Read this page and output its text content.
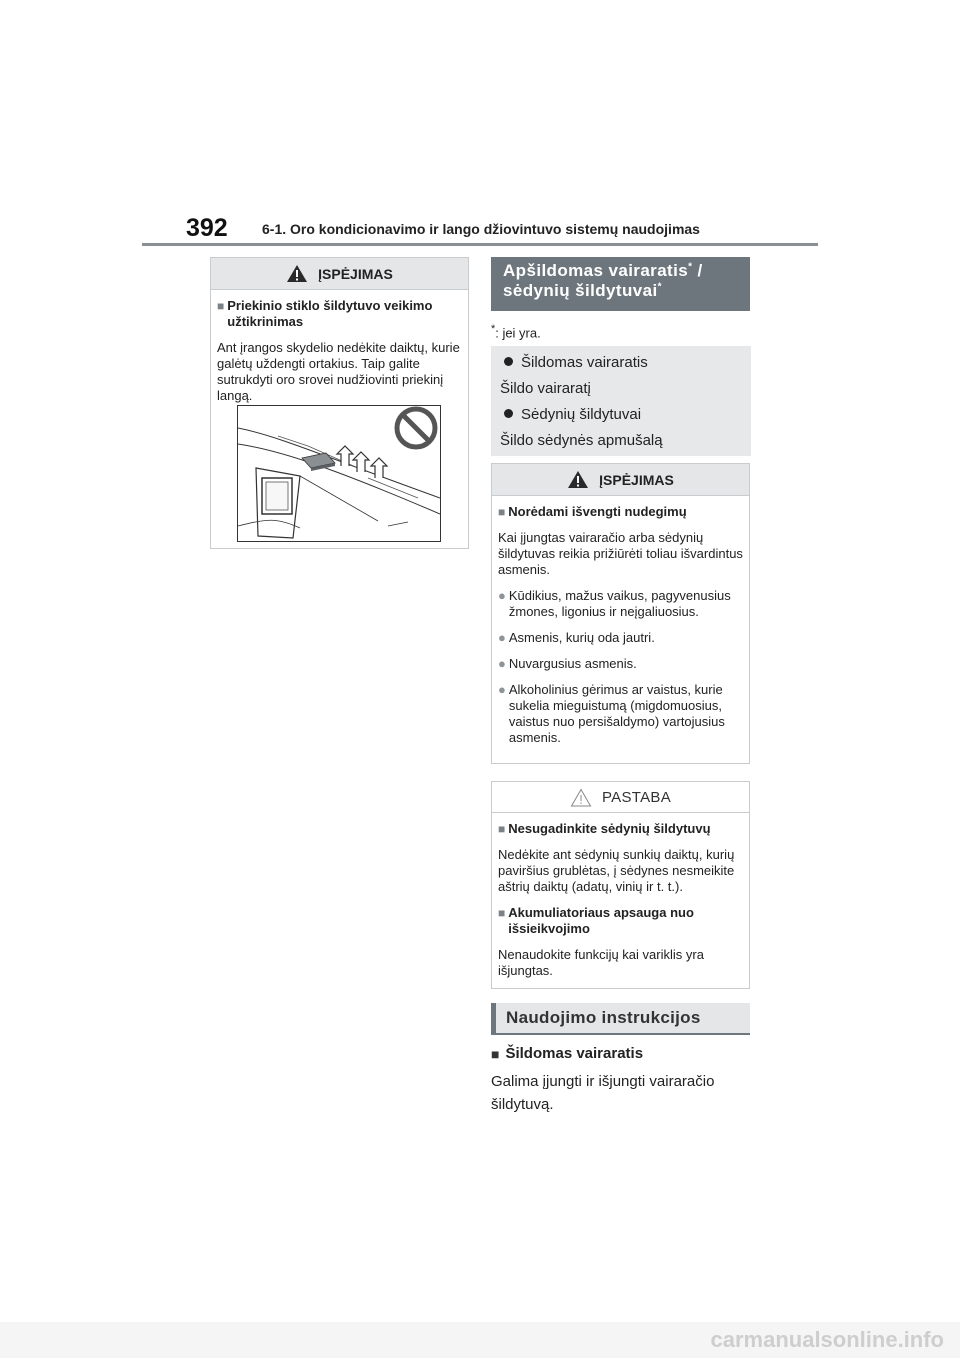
392 6-1. Oro kondicionavimo ir lango džiovintuvo sistemų naudojimas
ĮSPĖJIMAS
■ Priekinio stiklo šildytuvo veikimo užtikrinimas
Ant įrangos skydelio nedėkite daiktų, kurie galėtų uždengti ortakius. Taip galite sutrukdyti oro srovei nudžiovinti priekinį langą.
Apšildomas vairaratis* /
sėdynių šildytuvai*
*: jei yra.
Šildomas vairaratis
Šildo vairaratį
Sėdynių šildytuvai
Šildo sėdynės apmušalą
ĮSPĖJIMAS
■ Norėdami išvengti nudegimų
Kai įjungtas vairaračio arba sėdynių šildytuvas reikia prižiūrėti toliau išvardintus asmenis.
● Kūdikius, mažus vaikus, pagyvenusius žmones, ligonius ir neįgaliuosius.
● Asmenis, kurių oda jautri.
● Nuvargusius asmenis.
● Alkoholinius gėrimus ar vaistus, kurie sukelia mieguistumą (migdomuosius, vaistus nuo persišaldymo) vartojusius asmenis.
PASTABA
■ Nesugadinkite sėdynių šildytuvų
Nedėkite ant sėdynių sunkių daiktų, kurių paviršius grublėtas, į sėdynes nesmeikite aštrių daiktų (adatų, vinių ir t. t.).
■ Akumuliatoriaus apsauga nuo išsieikvojimo
Nenaudokite funkcijų kai variklis yra išjungtas.
Naudojimo instrukcijos
■ Šildomas vairaratis
Galima įjungti ir išjungti vairaračio šildytuvą.
carmanualsonline.info
